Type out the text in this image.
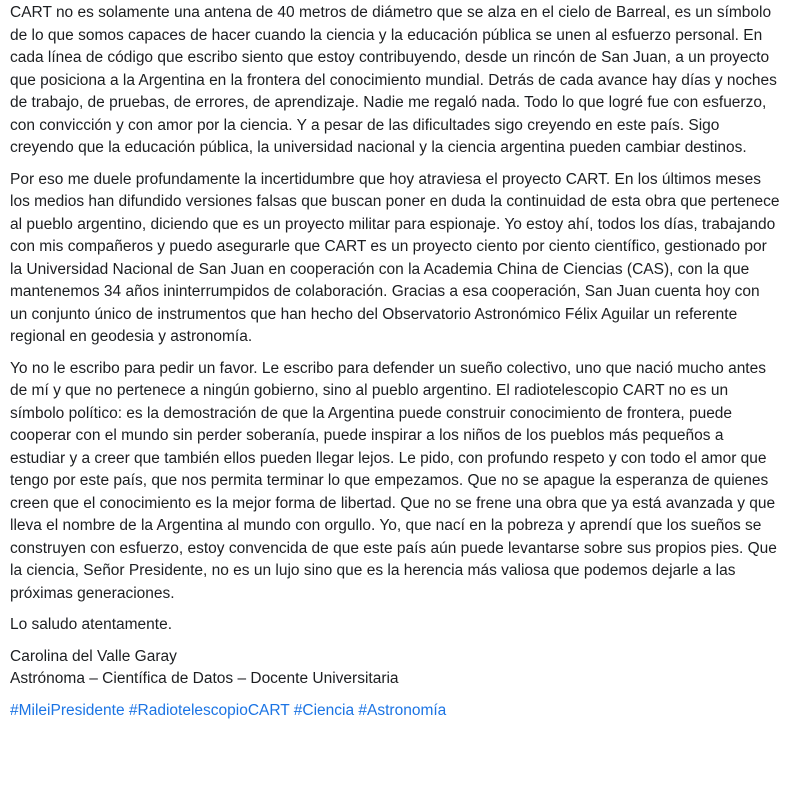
CART no es solamente una antena de 40 metros de diámetro que se alza en el cielo de Barreal, es un símbolo de lo que somos capaces de hacer cuando la ciencia y la educación pública se unen al esfuerzo personal. En cada línea de código que escribo siento que estoy contribuyendo, desde un rincón de San Juan, a un proyecto que posiciona a la Argentina en la frontera del conocimiento mundial. Detrás de cada avance hay días y noches de trabajo, de pruebas, de errores, de aprendizaje. Nadie me regaló nada. Todo lo que logré fue con esfuerzo, con convicción y con amor por la ciencia. Y a pesar de las dificultades sigo creyendo en este país. Sigo creyendo que la educación pública, la universidad nacional y la ciencia argentina pueden cambiar destinos.

Por eso me duele profundamente la incertidumbre que hoy atraviesa el proyecto CART. En los últimos meses los medios han difundido versiones falsas que buscan poner en duda la continuidad de esta obra que pertenece al pueblo argentino, diciendo que es un proyecto militar para espionaje. Yo estoy ahí, todos los días, trabajando con mis compañeros y puedo asegurarle que CART es un proyecto ciento por ciento científico, gestionado por la Universidad Nacional de San Juan en cooperación con la Academia China de Ciencias (CAS), con la que mantenemos 34 años ininterrumpidos de colaboración. Gracias a esa cooperación, San Juan cuenta hoy con un conjunto único de instrumentos que han hecho del Observatorio Astronómico Félix Aguilar un referente regional en geodesia y astronomía.

Yo no le escribo para pedir un favor. Le escribo para defender un sueño colectivo, uno que nació mucho antes de mí y que no pertenece a ningún gobierno, sino al pueblo argentino. El radiotelescopio CART no es un símbolo político: es la demostración de que la Argentina puede construir conocimiento de frontera, puede cooperar con el mundo sin perder soberanía, puede inspirar a los niños de los pueblos más pequeños a estudiar y a creer que también ellos pueden llegar lejos. Le pido, con profundo respeto y con todo el amor que tengo por este país, que nos permita terminar lo que empezamos. Que no se apague la esperanza de quienes creen que el conocimiento es la mejor forma de libertad. Que no se frene una obra que ya está avanzada y que lleva el nombre de la Argentina al mundo con orgullo. Yo, que nací en la pobreza y aprendí que los sueños se construyen con esfuerzo, estoy convencida de que este país aún puede levantarse sobre sus propios pies. Que la ciencia, Señor Presidente, no es un lujo sino que es la herencia más valiosa que podemos dejarle a las próximas generaciones.

Lo saludo atentamente.

Carolina del Valle Garay
Astrónoma – Científica de Datos – Docente Universitaria

#MileiPresidente #RadiotelescopioCART #Ciencia #Astronomía
